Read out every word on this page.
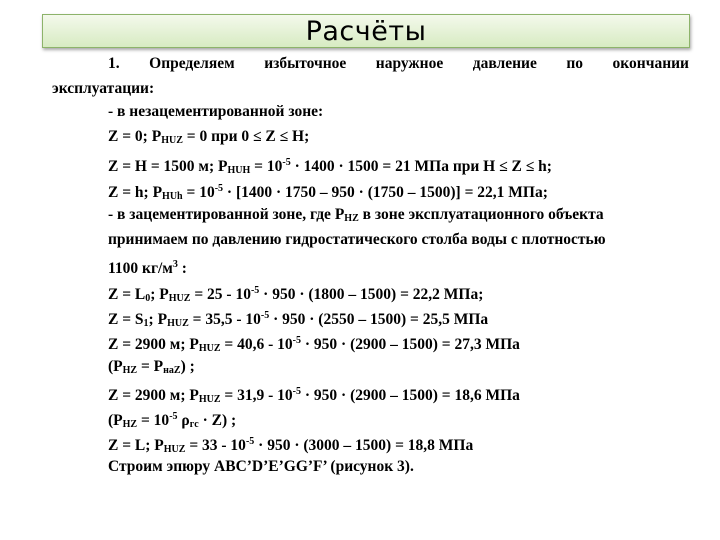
Расчёты
1. Определяем избыточное наружное давление по окончании
эксплуатации:
- в незацементированной зоне:
Z = 0; $P_{HUZ} = 0$ при 0 ≤ Z ≤ H;
Z = H = 1500 м; $P_{HUH} = 10^{-5} \cdot 1400 \cdot 1500 = 21$ МПа при H ≤ Z ≤ h;
Z = h; $P_{HUh} = 10^{-5} \cdot [1400 \cdot 1750 - 950 \cdot (1750 - 1500)] = 22,1$ МПа;
- в зацементированной зоне, где $P_{HZ}$ в зоне эксплуатационного объекта
принимаем по давлению гидростатического столба воды с плотностью
1100 $кг/м^3$ :
$Z = L_0$; $P_{HUZ} = 25 - 10^{-5} \cdot 950 \cdot (1800 - 1500) = 22,2$ МПа;
$Z = S_1$; $P_{HUZ} = 35,5 - 10^{-5} \cdot 950 \cdot (2550 - 1500) = 25,5$ МПа
Z = 2900 м; $P_{HUZ} = 40,6 - 10^{-5} \cdot 950 \cdot (2900 - 1500) = 27,3$ МПа
$(P_{HZ} = P_{наZ})$ ;
Z = 2900 м; $P_{HUZ} = 31,9 - 10^{-5} \cdot 950 \cdot (2900 - 1500) = 18,6$ МПа
($P_{HZ} = 10^{-5}$ $\rho_{гс} \cdot Z$) ;
Z = L; $P_{HUZ} = 33 - 10^{-5} \cdot 950 \cdot (3000 - 1500) = 18,8$ МПа
Строим эпюру ABC’D’E’GG’F’ (рисунок 3).
